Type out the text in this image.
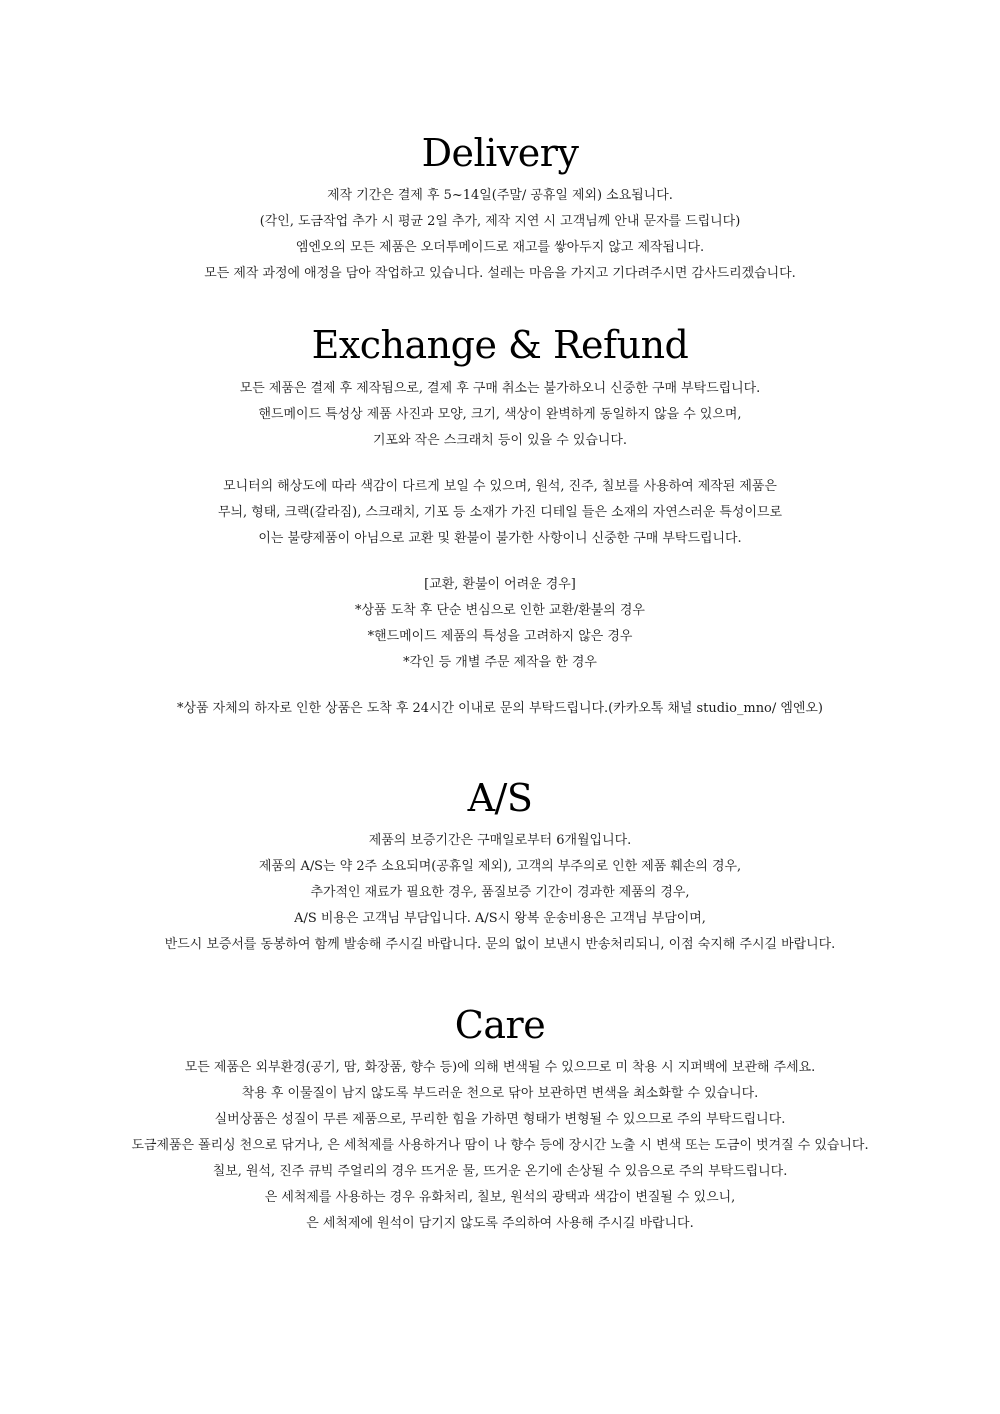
Delivery
제작 기간은 결제 후 5~14일(주말/ 공휴일 제외) 소요됩니다.
(각인, 도금작업 추가 시 평균 2일 추가, 제작 지연 시 고객님께 안내 문자를 드립니다)
엠엔오의 모든 제품은 오더투메이드로 재고를 쌓아두지 않고 제작됩니다.
모든 제작 과정에 애정을 담아 작업하고 있습니다. 설레는 마음을 가지고 기다려주시면 감사드리겠습니다.
Exchange & Refund
모든 제품은 결제 후 제작됨으로, 결제 후 구매 취소는 불가하오니 신중한 구매 부탁드립니다.
핸드메이드 특성상 제품 사진과 모양, 크기, 색상이 완벽하게 동일하지 않을 수 있으며,
기포와 작은 스크래치 등이 있을 수 있습니다.
모니터의 해상도에 따라 색감이 다르게 보일 수 있으며, 원석, 진주, 칠보를 사용하여 제작된 제품은
무늬, 형태, 크랙(갈라짐), 스크래치, 기포 등 소재가 가진 디테일 들은 소재의 자연스러운 특성이므로
이는 불량제품이 아님으로 교환 및 환불이 불가한 사항이니 신중한 구매 부탁드립니다.
[교환, 환불이 어려운 경우]
*상품 도착 후 단순 변심으로 인한 교환/환불의 경우
*핸드메이드 제품의 특성을 고려하지 않은 경우
*각인 등 개별 주문 제작을 한 경우
*상품 자체의 하자로 인한 상품은 도착 후 24시간 이내로 문의 부탁드립니다.(카카오톡 채널 studio_mno/ 엠엔오)
A/S
제품의 보증기간은 구매일로부터 6개월입니다.
제품의 A/S는 약 2주 소요되며(공휴일 제외), 고객의 부주의로 인한 제품 훼손의 경우,
추가적인 재료가 필요한 경우, 품질보증 기간이 경과한 제품의 경우,
A/S 비용은 고객님 부담입니다. A/S시 왕복 운송비용은 고객님 부담이며,
반드시 보증서를 동봉하여 함께 발송해 주시길 바랍니다. 문의 없이 보낸시 반송처리되니, 이점 숙지해 주시길 바랍니다.
Care
모든 제품은 외부환경(공기, 땀, 화장품, 향수 등)에 의해 변색될 수 있으므로 미 착용 시 지퍼백에 보관해 주세요.
착용 후 이물질이 남지 않도록 부드러운 천으로 닦아 보관하면 변색을 최소화할 수 있습니다.
실버상품은 성질이 무른 제품으로, 무리한 힘을 가하면 형태가 변형될 수 있으므로 주의 부탁드립니다.
도금제품은 폴리싱 천으로 닦거나, 은 세척제를 사용하거나 땀이 나 향수 등에 장시간 노출 시 변색 또는 도금이 벗겨질 수 있습니다.
칠보, 원석, 진주 큐빅 주얼리의 경우 뜨거운 물, 뜨거운 온기에 손상될 수 있음으로 주의 부탁드립니다.
은 세척제를 사용하는 경우 유화처리, 칠보, 원석의 광택과 색감이 변질될 수 있으니,
은 세척제에 원석이 담기지 않도록 주의하여 사용해 주시길 바랍니다.
